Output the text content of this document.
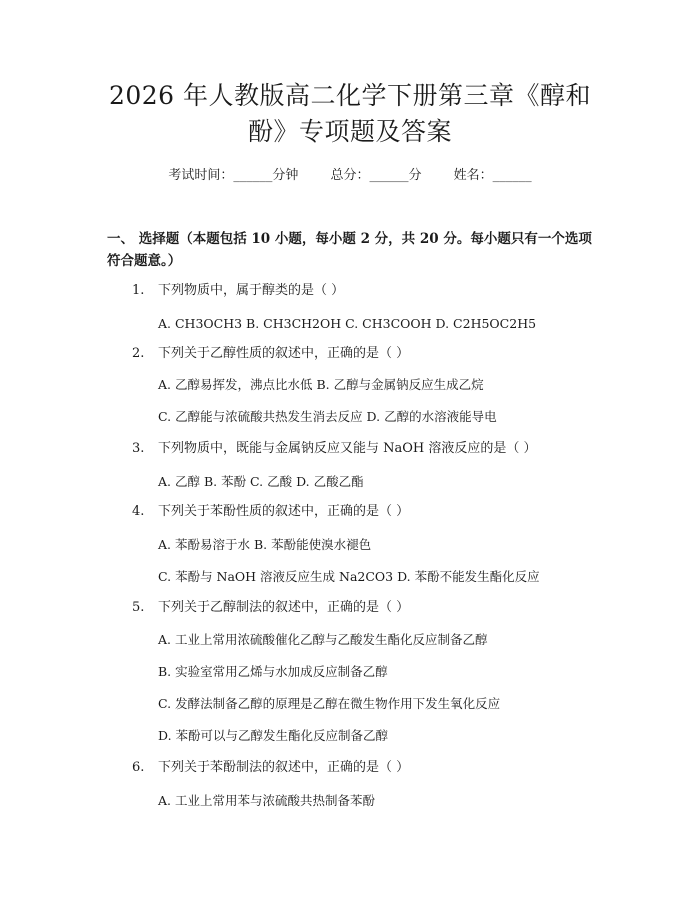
2026 年人教版高二化学下册第三章《醇和
酚》专项题及答案
考试时间：______分钟 总分：______分 姓名：______
一、 选择题（本题包括 10 小题，每小题 2 分，共 20 分。每小题只有一个选项符合题意。）
1. 下列物质中，属于醇类的是（ ）
A. CH3OCH3 B. CH3CH2OH C. CH3COOH D. C2H5OC2H5
2. 下列关于乙醇性质的叙述中，正确的是（ ）
A. 乙醇易挥发，沸点比水低 B. 乙醇与金属钠反应生成乙烷
C. 乙醇能与浓硫酸共热发生消去反应 D. 乙醇的水溶液能导电
3. 下列物质中，既能与金属钠反应又能与 NaOH 溶液反应的是（ ）
A. 乙醇 B. 苯酚 C. 乙酸 D. 乙酸乙酯
4. 下列关于苯酚性质的叙述中，正确的是（ ）
A. 苯酚易溶于水 B. 苯酚能使溴水褪色
C. 苯酚与 NaOH 溶液反应生成 Na2CO3 D. 苯酚不能发生酯化反应
5. 下列关于乙醇制法的叙述中，正确的是（ ）
A. 工业上常用浓硫酸催化乙醇与乙酸发生酯化反应制备乙醇
B. 实验室常用乙烯与水加成反应制备乙醇
C. 发酵法制备乙醇的原理是乙醇在微生物作用下发生氧化反应
D. 苯酚可以与乙醇发生酯化反应制备乙醇
6. 下列关于苯酚制法的叙述中，正确的是（ ）
A. 工业上常用苯与浓硫酸共热制备苯酚
